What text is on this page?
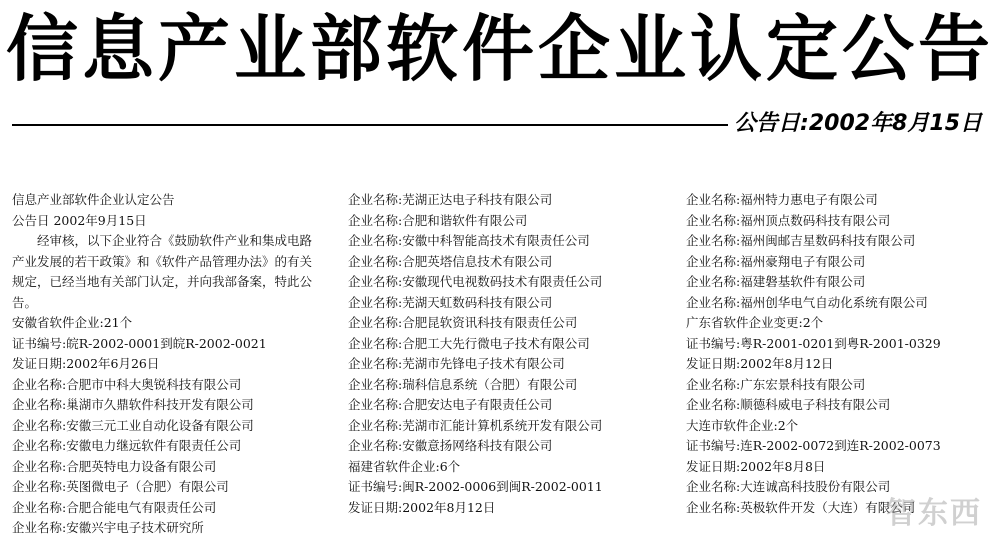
信息产业部软件企业认定公告
公告日:2002年8月15日
信息产业部软件企业认定公告
公告日 2002年9月15日
经审核，以下企业符合《鼓励软件产业和集成电路产业发展的若干政策》和《软件产品管理办法》的有关规定，已经当地有关部门认定，并向我部备案，特此公告。
安徽省软件企业:21个
证书编号:皖R-2002-0001到皖R-2002-0021
发证日期:2002年6月26日
企业名称:合肥市中科大奥锐科技有限公司
企业名称:巢湖市久鼎软件科技开发有限公司
企业名称:安徽三元工业自动化设备有限公司
企业名称:安徽电力继远软件有限责任公司
企业名称:合肥英特电力设备有限公司
企业名称:英图微电子（合肥）有限公司
企业名称:合肥合能电气有限责任公司
企业名称:安徽兴宇电子技术研究所
企业名称:芜湖正达电子科技有限公司
企业名称:合肥和谐软件有限公司
企业名称:安徽中科智能高技术有限责任公司
企业名称:合肥英塔信息技术有限公司
企业名称:安徽现代电视数码技术有限责任公司
企业名称:芜湖天虹数码科技有限公司
企业名称:合肥昆软资讯科技有限责任公司
企业名称:合肥工大先行微电子技术有限公司
企业名称:芜湖市先锋电子技术有限公司
企业名称:瑞科信息系统（合肥）有限公司
企业名称:合肥安达电子有限责任公司
企业名称:芜湖市汇能计算机系统开发有限公司
企业名称:安徽意扬网络科技有限公司
福建省软件企业:6个
证书编号:闽R-2002-0006到闽R-2002-0011
发证日期:2002年8月12日
企业名称:福州特力惠电子有限公司
企业名称:福州顶点数码科技有限公司
企业名称:福州闽邮吉星数码科技有限公司
企业名称:福州豪翔电子有限公司
企业名称:福建磐基软件有限公司
企业名称:福州创华电气自动化系统有限公司
广东省软件企业变更:2个
证书编号:粤R-2001-0201到粤R-2001-0329
发证日期:2002年8月12日
企业名称:广东宏景科技有限公司
企业名称:顺德科威电子科技有限公司
大连市软件企业:2个
证书编号:连R-2002-0072到连R-2002-0073
发证日期:2002年8月8日
企业名称:大连诚高科技股份有限公司
企业名称:英极软件开发（大连）有限公司
智东西
